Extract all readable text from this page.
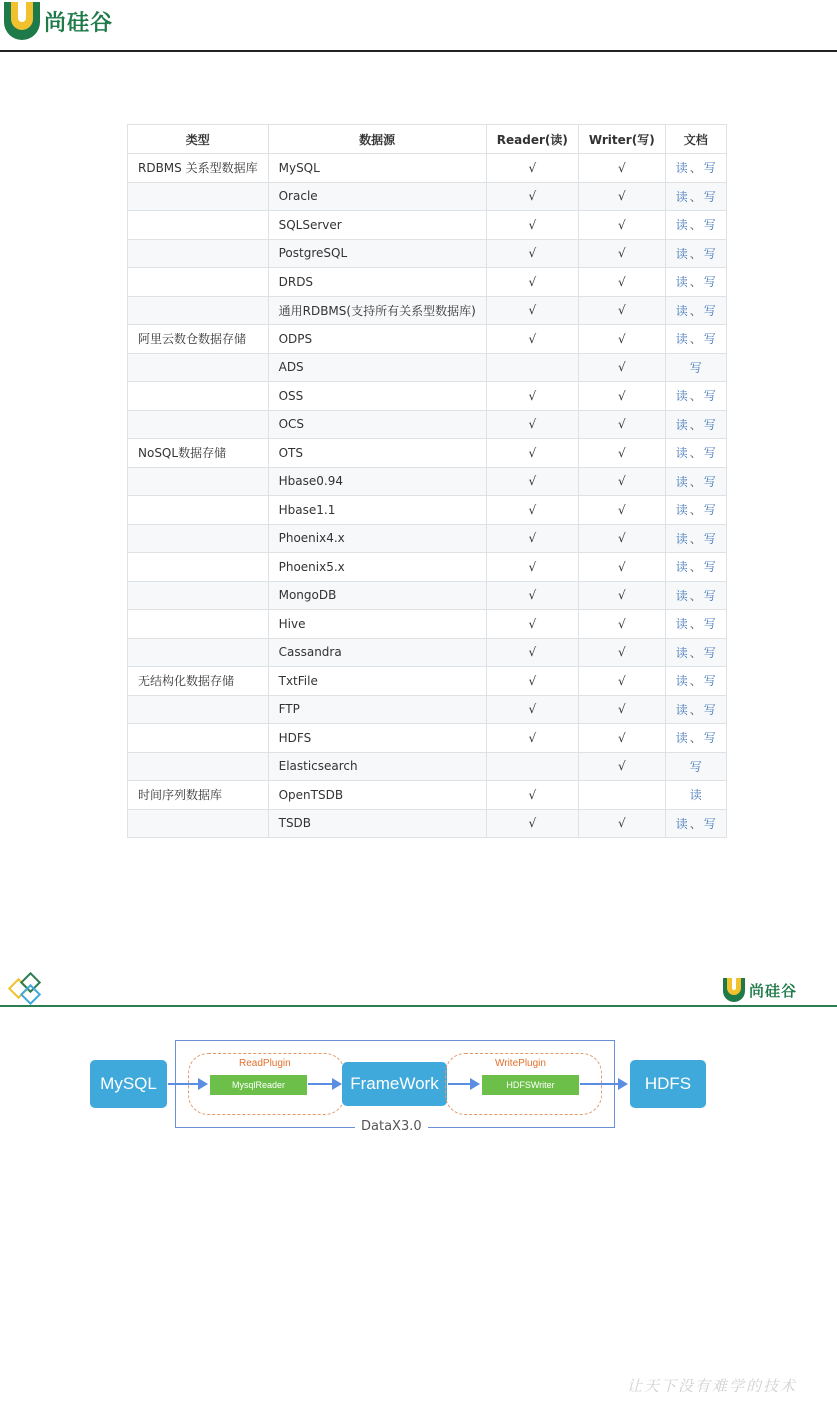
尚硅谷
类型	数据源	Reader(读)	Writer(写)	文档
RDBMS 关系型数据库	MySQL	√	√	读 、 写
	Oracle	√	√	读 、 写
	SQLServer	√	√	读 、 写
	PostgreSQL	√	√	读 、 写
	DRDS	√	√	读 、 写
	通用RDBMS(支持所有关系型数据库)	√	√	读 、 写
阿里云数仓数据存储	ODPS	√	√	读 、 写
	ADS		√	写
	OSS	√	√	读 、 写
	OCS	√	√	读 、 写
NoSQL数据存储	OTS	√	√	读 、 写
	Hbase0.94	√	√	读 、 写
	Hbase1.1	√	√	读 、 写
	Phoenix4.x	√	√	读 、 写
	Phoenix5.x	√	√	读 、 写
	MongoDB	√	√	读 、 写
	Hive	√	√	读 、 写
	Cassandra	√	√	读 、 写
无结构化数据存储	TxtFile	√	√	读 、 写
	FTP	√	√	读 、 写
	HDFS	√	√	读 、 写
	Elasticsearch		√	写
时间序列数据库	OpenTSDB	√		读
	TSDB	√	√	读 、 写
尚硅谷
DataX3.0
MySQL
ReadPlugin
MysqlReader	FrameWork
WritePlugin
HDFSWriter	HDFS
让天下没有难学的技术
